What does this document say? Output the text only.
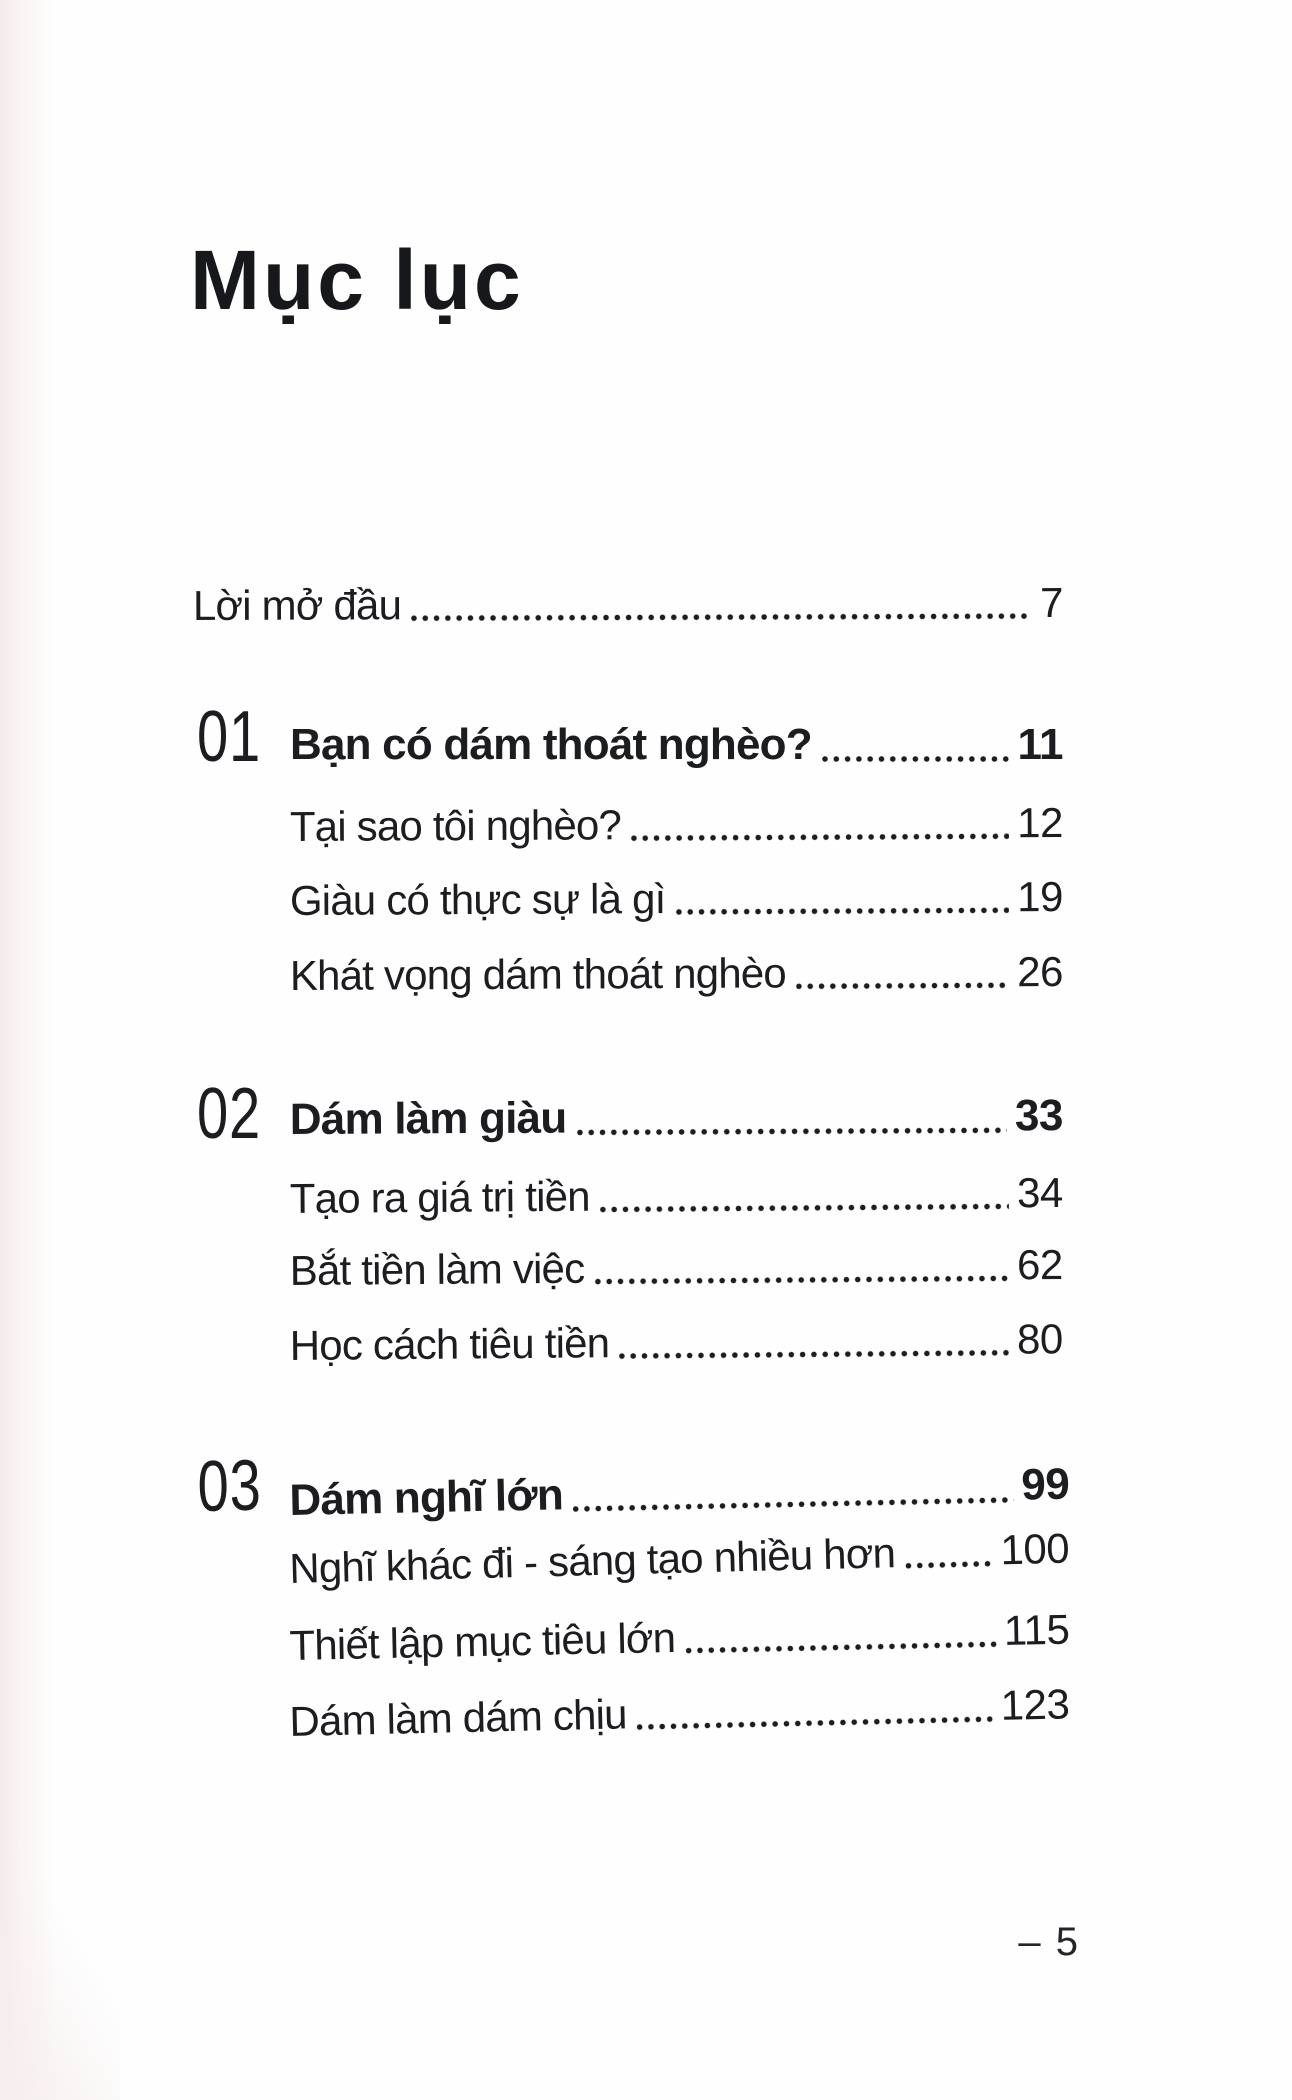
Mục lục
Lời mở đầu	7
01 Bạn có dám thoát nghèo?	11
Tại sao tôi nghèo?	12
Giàu có thực sự là gì	19
Khát vọng dám thoát nghèo	26
02 Dám làm giàu	33
Tạo ra giá trị tiền	34
Bắt tiền làm việc	62
Học cách tiêu tiền	80
03 Dám nghĩ lớn	99
Nghĩ khác đi - sáng tạo nhiều hơn 100
Thiết lập mục tiêu lớn	115
Dám làm dám chịu	123
– 5
